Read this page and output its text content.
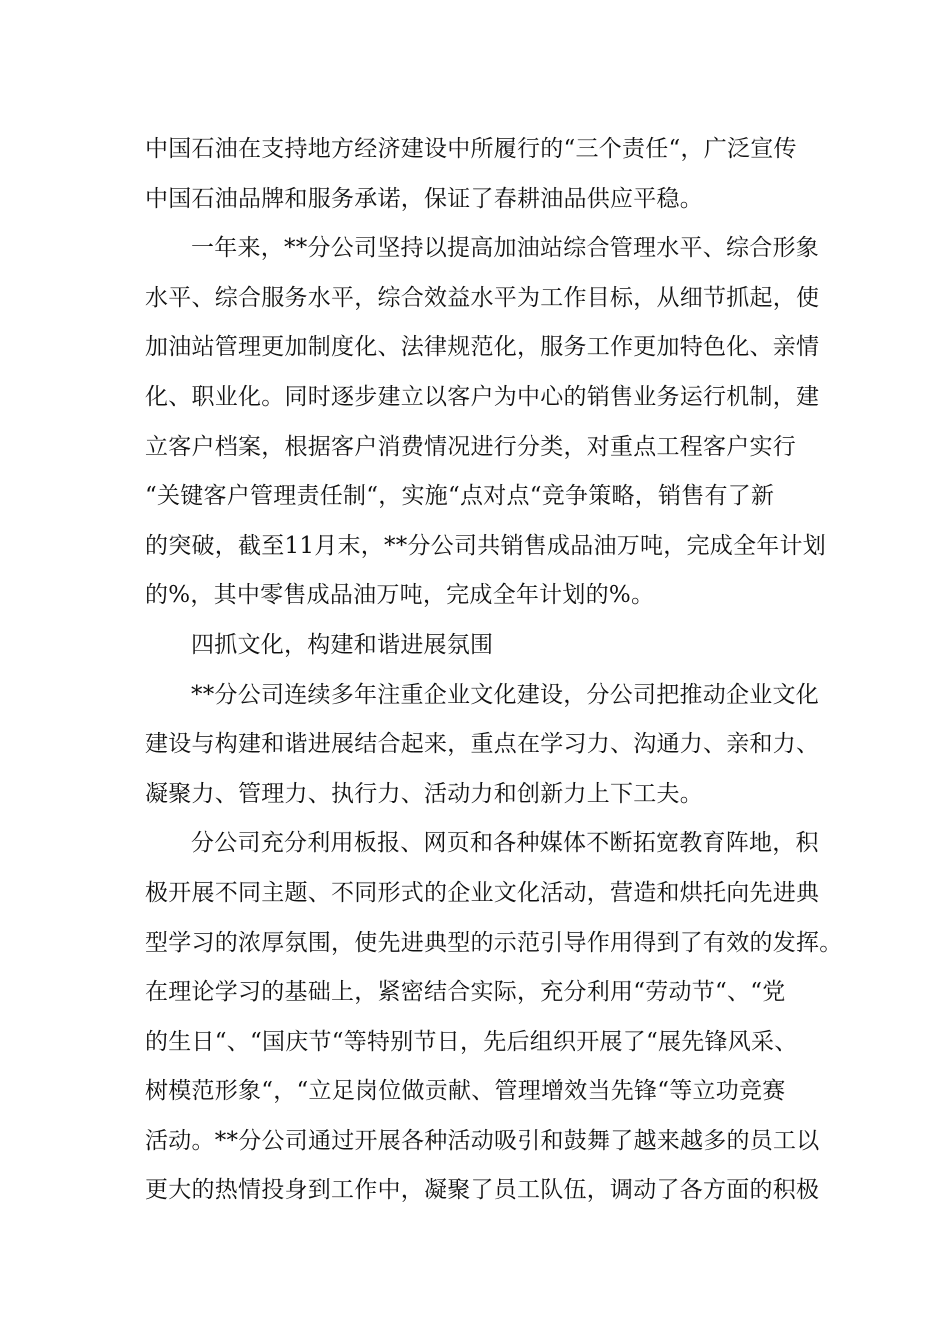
中国石油在支持地方经济建设中所履行的“三个责任“，广泛宣传
中国石油品牌和服务承诺，保证了春耕油品供应平稳。
一年来，**分公司坚持以提高加油站综合管理水平、综合形象
水平、综合服务水平，综合效益水平为工作目标，从细节抓起，使
加油站管理更加制度化、法律规范化，服务工作更加特色化、亲情
化、职业化。同时逐步建立以客户为中心的销售业务运行机制，建
立客户档案，根据客户消费情况进行分类，对重点工程客户实行
“关键客户管理责任制“，实施“点对点“竞争策略，销售有了新
的突破，截至11月末，**分公司共销售成品油万吨，完成全年计划
的%，其中零售成品油万吨，完成全年计划的%。
四抓文化，构建和谐进展氛围
**分公司连续多年注重企业文化建设，分公司把推动企业文化
建设与构建和谐进展结合起来，重点在学习力、沟通力、亲和力、
凝聚力、管理力、执行力、活动力和创新力上下工夫。
分公司充分利用板报、网页和各种媒体不断拓宽教育阵地，积
极开展不同主题、不同形式的企业文化活动，营造和烘托向先进典
型学习的浓厚氛围，使先进典型的示范引导作用得到了有效的发挥。
在理论学习的基础上，紧密结合实际，充分利用“劳动节“、“党
的生日“、“国庆节“等特别节日，先后组织开展了“展先锋风采、
树模范形象“，“立足岗位做贡献、管理增效当先锋“等立功竞赛
活动。**分公司通过开展各种活动吸引和鼓舞了越来越多的员工以
更大的热情投身到工作中，凝聚了员工队伍，调动了各方面的积极
